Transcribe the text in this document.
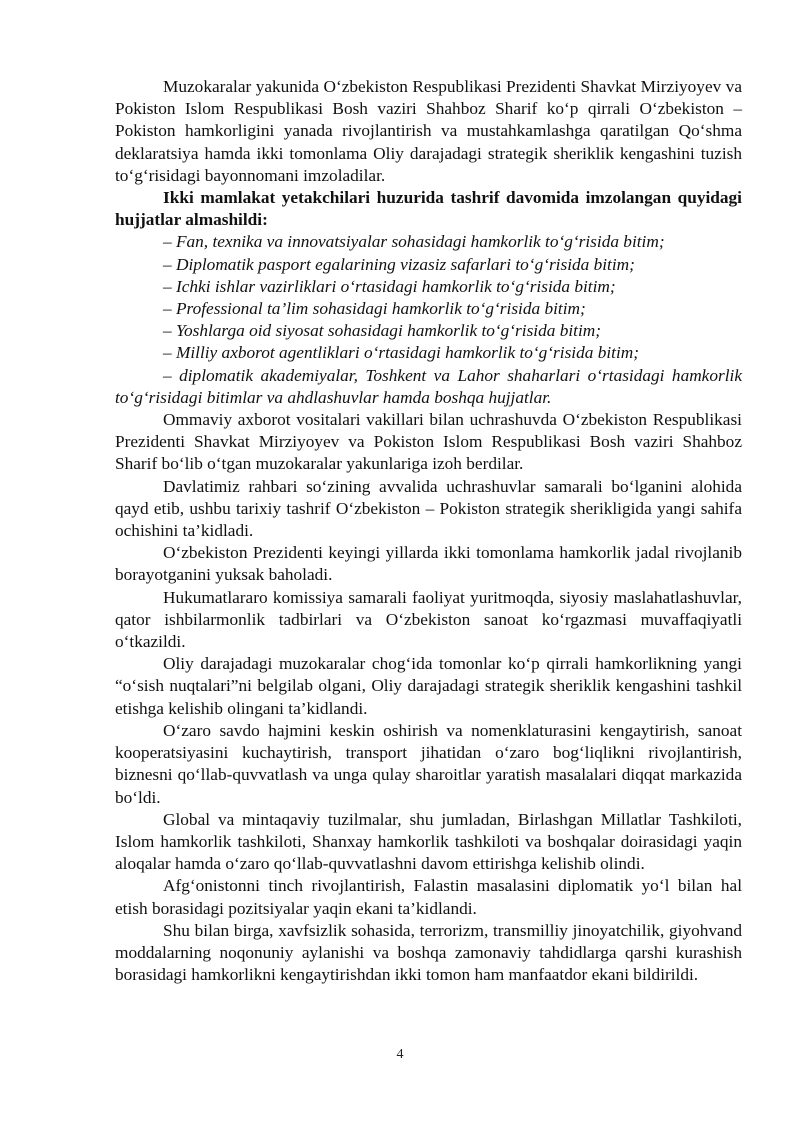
Muzokaralar yakunida O‘zbekiston Respublikasi Prezidenti Shavkat Mirziyoyev va Pokiston Islom Respublikasi Bosh vaziri Shahboz Sharif ko‘p qirrali O‘zbekiston – Pokiston hamkorligini yanada rivojlantirish va mustahkamlashga qaratilgan Qo‘shma deklaratsiya hamda ikki tomonlama Oliy darajadagi strategik sheriklik kengashini tuzish to‘g‘risidagi bayonnomani imzoladilar.

Ikki mamlakat yetakchilari huzurida tashrif davomida imzolangan quyidagi hujjatlar almashildi:

– Fan, texnika va innovatsiyalar sohasidagi hamkorlik to‘g‘risida bitim;

– Diplomatik pasport egalarining vizasiz safarlari to‘g‘risida bitim;

– Ichki ishlar vazirliklari o‘rtasidagi hamkorlik to‘g‘risida bitim;

– Professional ta’lim sohasidagi hamkorlik to‘g‘risida bitim;

– Yoshlarga oid siyosat sohasidagi hamkorlik to‘g‘risida bitim;

– Milliy axborot agentliklari o‘rtasidagi hamkorlik to‘g‘risida bitim;

– diplomatik akademiyalar, Toshkent va Lahor shaharlari o‘rtasidagi hamkorlik to‘g‘risidagi bitimlar va ahdlashuvlar hamda boshqa hujjatlar.

Ommaviy axborot vositalari vakillari bilan uchrashuvda O‘zbekiston Respublikasi Prezidenti Shavkat Mirziyoyev va Pokiston Islom Respublikasi Bosh vaziri Shahboz Sharif bo‘lib o‘tgan muzokaralar yakunlariga izoh berdilar.

Davlatimiz rahbari so‘zining avvalida uchrashuvlar samarali bo‘lganini alohida qayd etib, ushbu tarixiy tashrif O‘zbekiston – Pokiston strategik sherikligida yangi sahifa ochishini ta’kidladi.

O‘zbekiston Prezidenti keyingi yillarda ikki tomonlama hamkorlik jadal rivojlanib borayotganini yuksak baholadi.

Hukumatlararo komissiya samarali faoliyat yuritmoqda, siyosiy maslahatlashuvlar, qator ishbilarmonlik tadbirlari va O‘zbekiston sanoat ko‘rgazmasi muvaffaqiyatli o‘tkazildi.

Oliy darajadagi muzokaralar chog‘ida tomonlar ko‘p qirrali hamkorlikning yangi “o‘sish nuqtalari”ni belgilab olgani, Oliy darajadagi strategik sheriklik kengashini tashkil etishga kelishib olingani ta’kidlandi.

O‘zaro savdo hajmini keskin oshirish va nomenklaturasini kengaytirish, sanoat kooperatsiyasini kuchaytirish, transport jihatidan o‘zaro bog‘liqlikni rivojlantirish, biznesni qo‘llab-quvvatlash va unga qulay sharoitlar yaratish masalalari diqqat markazida bo‘ldi.

Global va mintaqaviy tuzilmalar, shu jumladan, Birlashgan Millatlar Tashkiloti, Islom hamkorlik tashkiloti, Shanxay hamkorlik tashkiloti va boshqalar doirasidagi yaqin aloqalar hamda o‘zaro qo‘llab-quvvatlashni davom ettirishga kelishib olindi.

Afg‘onistonni tinch rivojlantirish, Falastin masalasini diplomatik yo‘l bilan hal etish borasidagi pozitsiyalar yaqin ekani ta’kidlandi.

Shu bilan birga, xavfsizlik sohasida, terrorizm, transmilliy jinoyatchilik, giyohvand moddalarning noqonuniy aylanishi va boshqa zamonaviy tahdidlarga qarshi kurashish borasidagi hamkorlikni kengaytirishdan ikki tomon ham manfaatdor ekani bildirildi.

4
